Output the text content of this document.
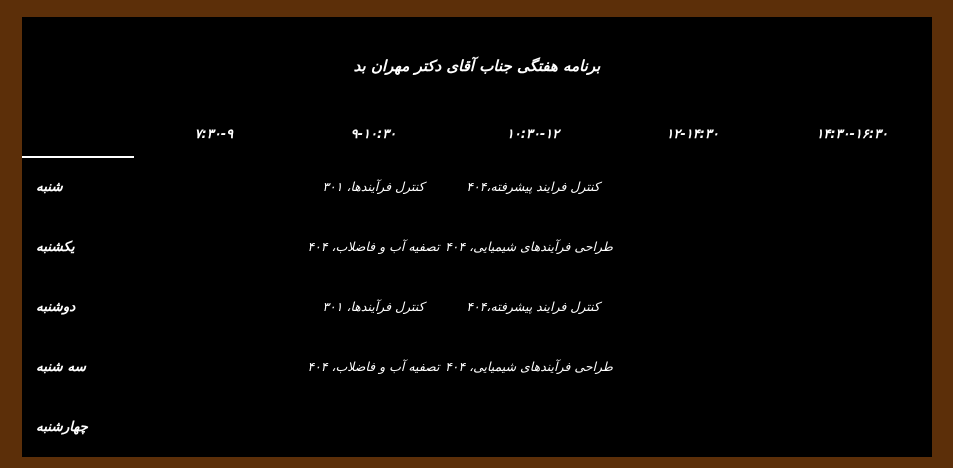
برنامه هفتگی جناب آقای دکتر مهران بد
۱۴:۳۰-۱۶:۳۰	۱۲-۱۴:۳۰	۱۰:۳۰-۱۲	۹-۱۰:۳۰	۷:۳۰-۹	
		کنترل فرایند پیشرفته،۴۰۴	کنترل فرآیندها، ۳۰۱		شنبه
		طراحی فرآیندهای شیمیایی، ۴۰۴	تصفیه آب و فاضلاب، ۴۰۴		یکشنبه
		کنترل فرایند پیشرفته،۴۰۴	کنترل فرآیندها، ۳۰۱		دوشنبه
		طراحی فرآیندهای شیمیایی، ۴۰۴	تصفیه آب و فاضلاب، ۴۰۴		سه شنبه
					چهارشنبه
